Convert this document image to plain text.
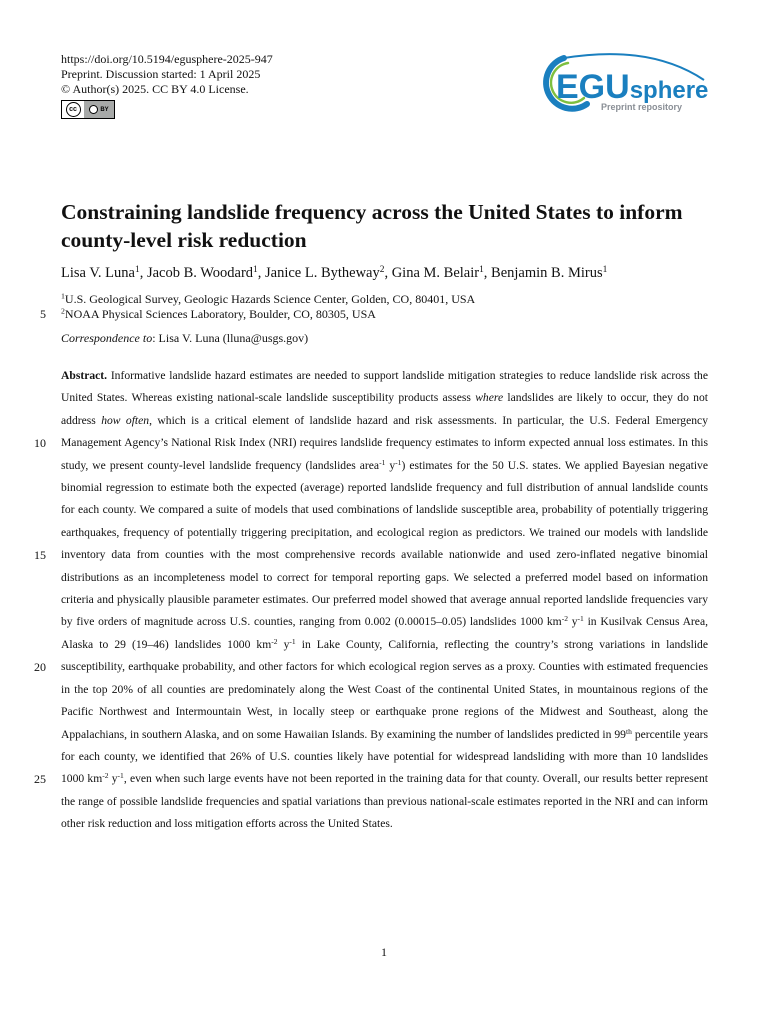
https://doi.org/10.5194/egusphere-2025-947
Preprint. Discussion started: 1 April 2025
© Author(s) 2025. CC BY 4.0 License.
cc	BY
EGUsphere
Preprint repository
Constraining landslide frequency across the United States to inform county-level risk reduction
Lisa V. Luna$^1$, Jacob B. Woodard$^1$, Janice L. Bytheway$^2$, Gina M. Belair$^1$, Benjamin B. Mirus$^1$
$^1$U.S. Geological Survey, Geologic Hazards Science Center, Golden, CO, 80401, USA
$^2$NOAA Physical Sciences Laboratory, Boulder, CO, 80305, USA
Correspondence to: Lisa V. Luna (lluna@usgs.gov)

Abstract. Informative landslide hazard estimates are needed to support landslide mitigation strategies to reduce landslide risk across the United States. Whereas existing national-scale landslide susceptibility products assess where landslides are likely to occur, they do not address how often, which is a critical element of landslide hazard and risk assessments. In particular, the U.S. Federal Emergency Management Agency’s National Risk Index (NRI) requires landslide frequency estimates to inform expected annual loss estimates. In this study, we present county-level landslide frequency (landslides area$^{-1}$ $y^{-1}$) estimates for the 50 U.S. states. We applied Bayesian negative binomial regression to estimate both the expected (average) reported landslide frequency and full distribution of annual landslide counts for each county. We compared a suite of models that used combinations of landslide susceptible area, probability of potentially triggering earthquakes, frequency of potentially triggering precipitation, and ecological region as predictors. We trained our models with landslide inventory data from counties with the most comprehensive records available nationwide and used zero-inflated negative binomial distributions as an incompleteness model to correct for temporal reporting gaps. We selected a preferred model based on information criteria and physically plausible parameter estimates. Our preferred model showed that average annual reported landslide frequencies vary by five orders of magnitude across U.S. counties, ranging from 0.002 (0.00015–0.05) landslides 1000 $km^{-2}$ $y^{-1}$ in Kusilvak Census Area, Alaska to 29 (19–46) landslides 1000 $km^{-2}$ $y^{-1}$ in Lake County, California, reflecting the country’s strong variations in landslide susceptibility, earthquake probability, and other factors for which ecological region serves as a proxy. Counties with estimated frequencies in the top 20% of all counties are predominately along the West Coast of the continental United States, in mountainous regions of the Pacific Northwest and Intermountain West, in locally steep or earthquake prone regions of the Midwest and Southeast, along the Appalachians, in southern Alaska, and on some Hawaiian Islands. By examining the number of landslides predicted in 99th percentile years for each county, we identified that 26% of U.S. counties likely have potential for widespread landsliding with more than 10 landslides 1000 $km^{-2}$ $y^{-1}$, even when such large events have not been reported in the training data for that county. Overall, our results better represent the range of possible landslide frequencies and spatial variations than previous national-scale estimates reported in the NRI and can inform other risk reduction and loss mitigation efforts across the United States.

5
10
15
20
25
1
